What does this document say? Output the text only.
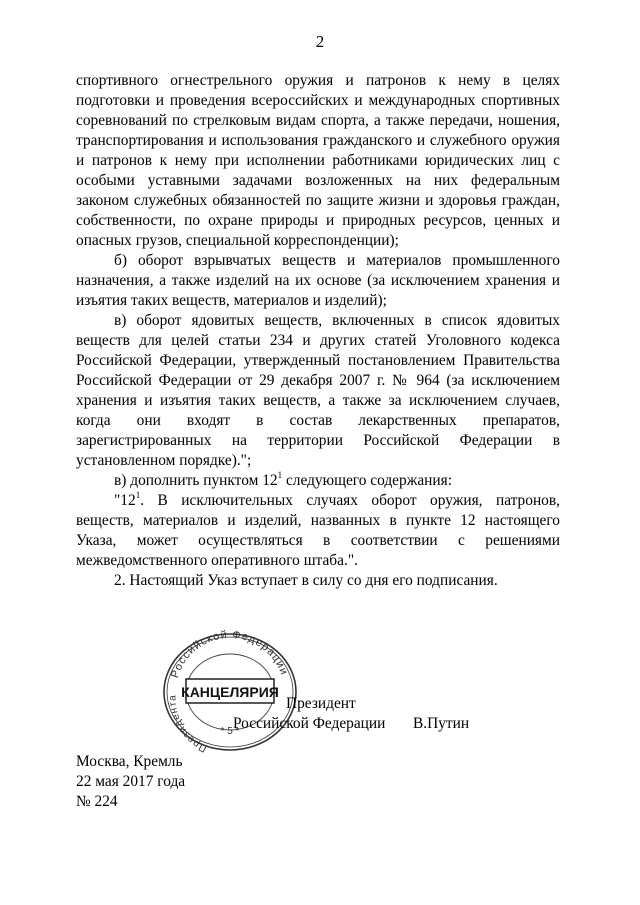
2

спортивного огнестрельного оружия и патронов к нему в целях подготовки и проведения всероссийских и международных спортивных соревнований по стрелковым видам спорта, а также передачи, ношения, транспортирования и использования гражданского и служебного оружия и патронов к нему при исполнении работниками юридических лиц с особыми уставными задачами возложенных на них федеральным законом служебных обязанностей по защите жизни и здоровья граждан, собственности, по охране природы и природных ресурсов, ценных и опасных грузов, специальной корреспонденции);

б) оборот взрывчатых веществ и материалов промышленного назначения, а также изделий на их основе (за исключением хранения и изъятия таких веществ, материалов и изделий);

в) оборот ядовитых веществ, включенных в список ядовитых веществ для целей статьи 234 и других статей Уголовного кодекса Российской Федерации, утвержденный постановлением Правительства Российской Федерации от 29 декабря 2007 г. № 964 (за исключением хранения и изъятия таких веществ, а также за исключением случаев, когда они входят в состав лекарственных препаратов, зарегистрированных на территории Российской Федерации в установленном порядке).";

в) дополнить пунктом $12^1$ следующего содержания:

"$12^1$. В исключительных случаях оборот оружия, патронов, веществ, материалов и изделий, названных в пункте 12 настоящего Указа, может осуществляться в соответствии с решениями межведомственного оперативного штаба.".

2. Настоящий Указ вступает в силу со дня его подписания.

Российской Федерации
Президента КАНЦЕЛЯРИЯ
* 5 *
Президент
Российской Федерации В.Путин
Москва, Кремль
22 мая 2017 года
№ 224
